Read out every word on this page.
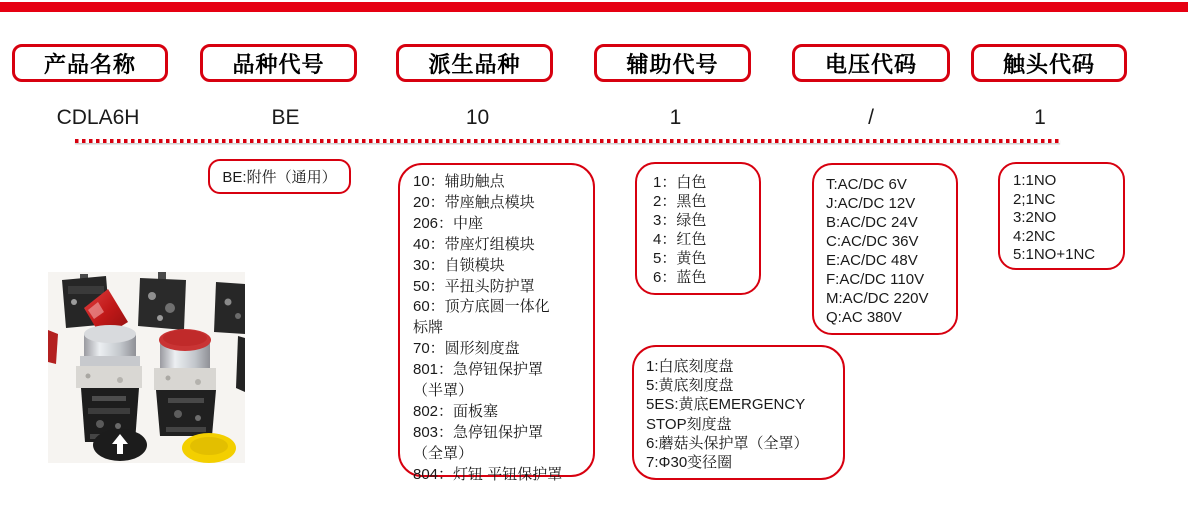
产品名称	品种代号	派生品种	辅助代号	电压代码	触头代码
CDLA6H	BE	10	1	/	1
BE:附件（通用）	10：辅助触点
20：带座触点模块
206：中座
40：带座灯组模块
30：自锁模块
50：平扭头防护罩
60：顶方底圆一体化
标牌
70：圆形刻度盘
801：急停钮保护罩
（半罩）
802：面板塞
803：急停钮保护罩
（全罩）
804：灯钮 平钮保护罩
1：白色
2：黑色
3：绿色
4：红色
5：黄色
6：蓝色
T:AC/DC 6V
J:AC/DC 12V
B:AC/DC 24V
C:AC/DC 36V
E:AC/DC 48V
F:AC/DC 110V
M:AC/DC 220V
Q:AC 380V
1:1NO
2;1NC
3:2NO
4:2NC
5:1NO+1NC
1:白底刻度盘
5:黄底刻度盘
5ES:黄底EMERGENCY
STOP刻度盘
6:蘑菇头保护罩（全罩）
7:Φ30变径圈
